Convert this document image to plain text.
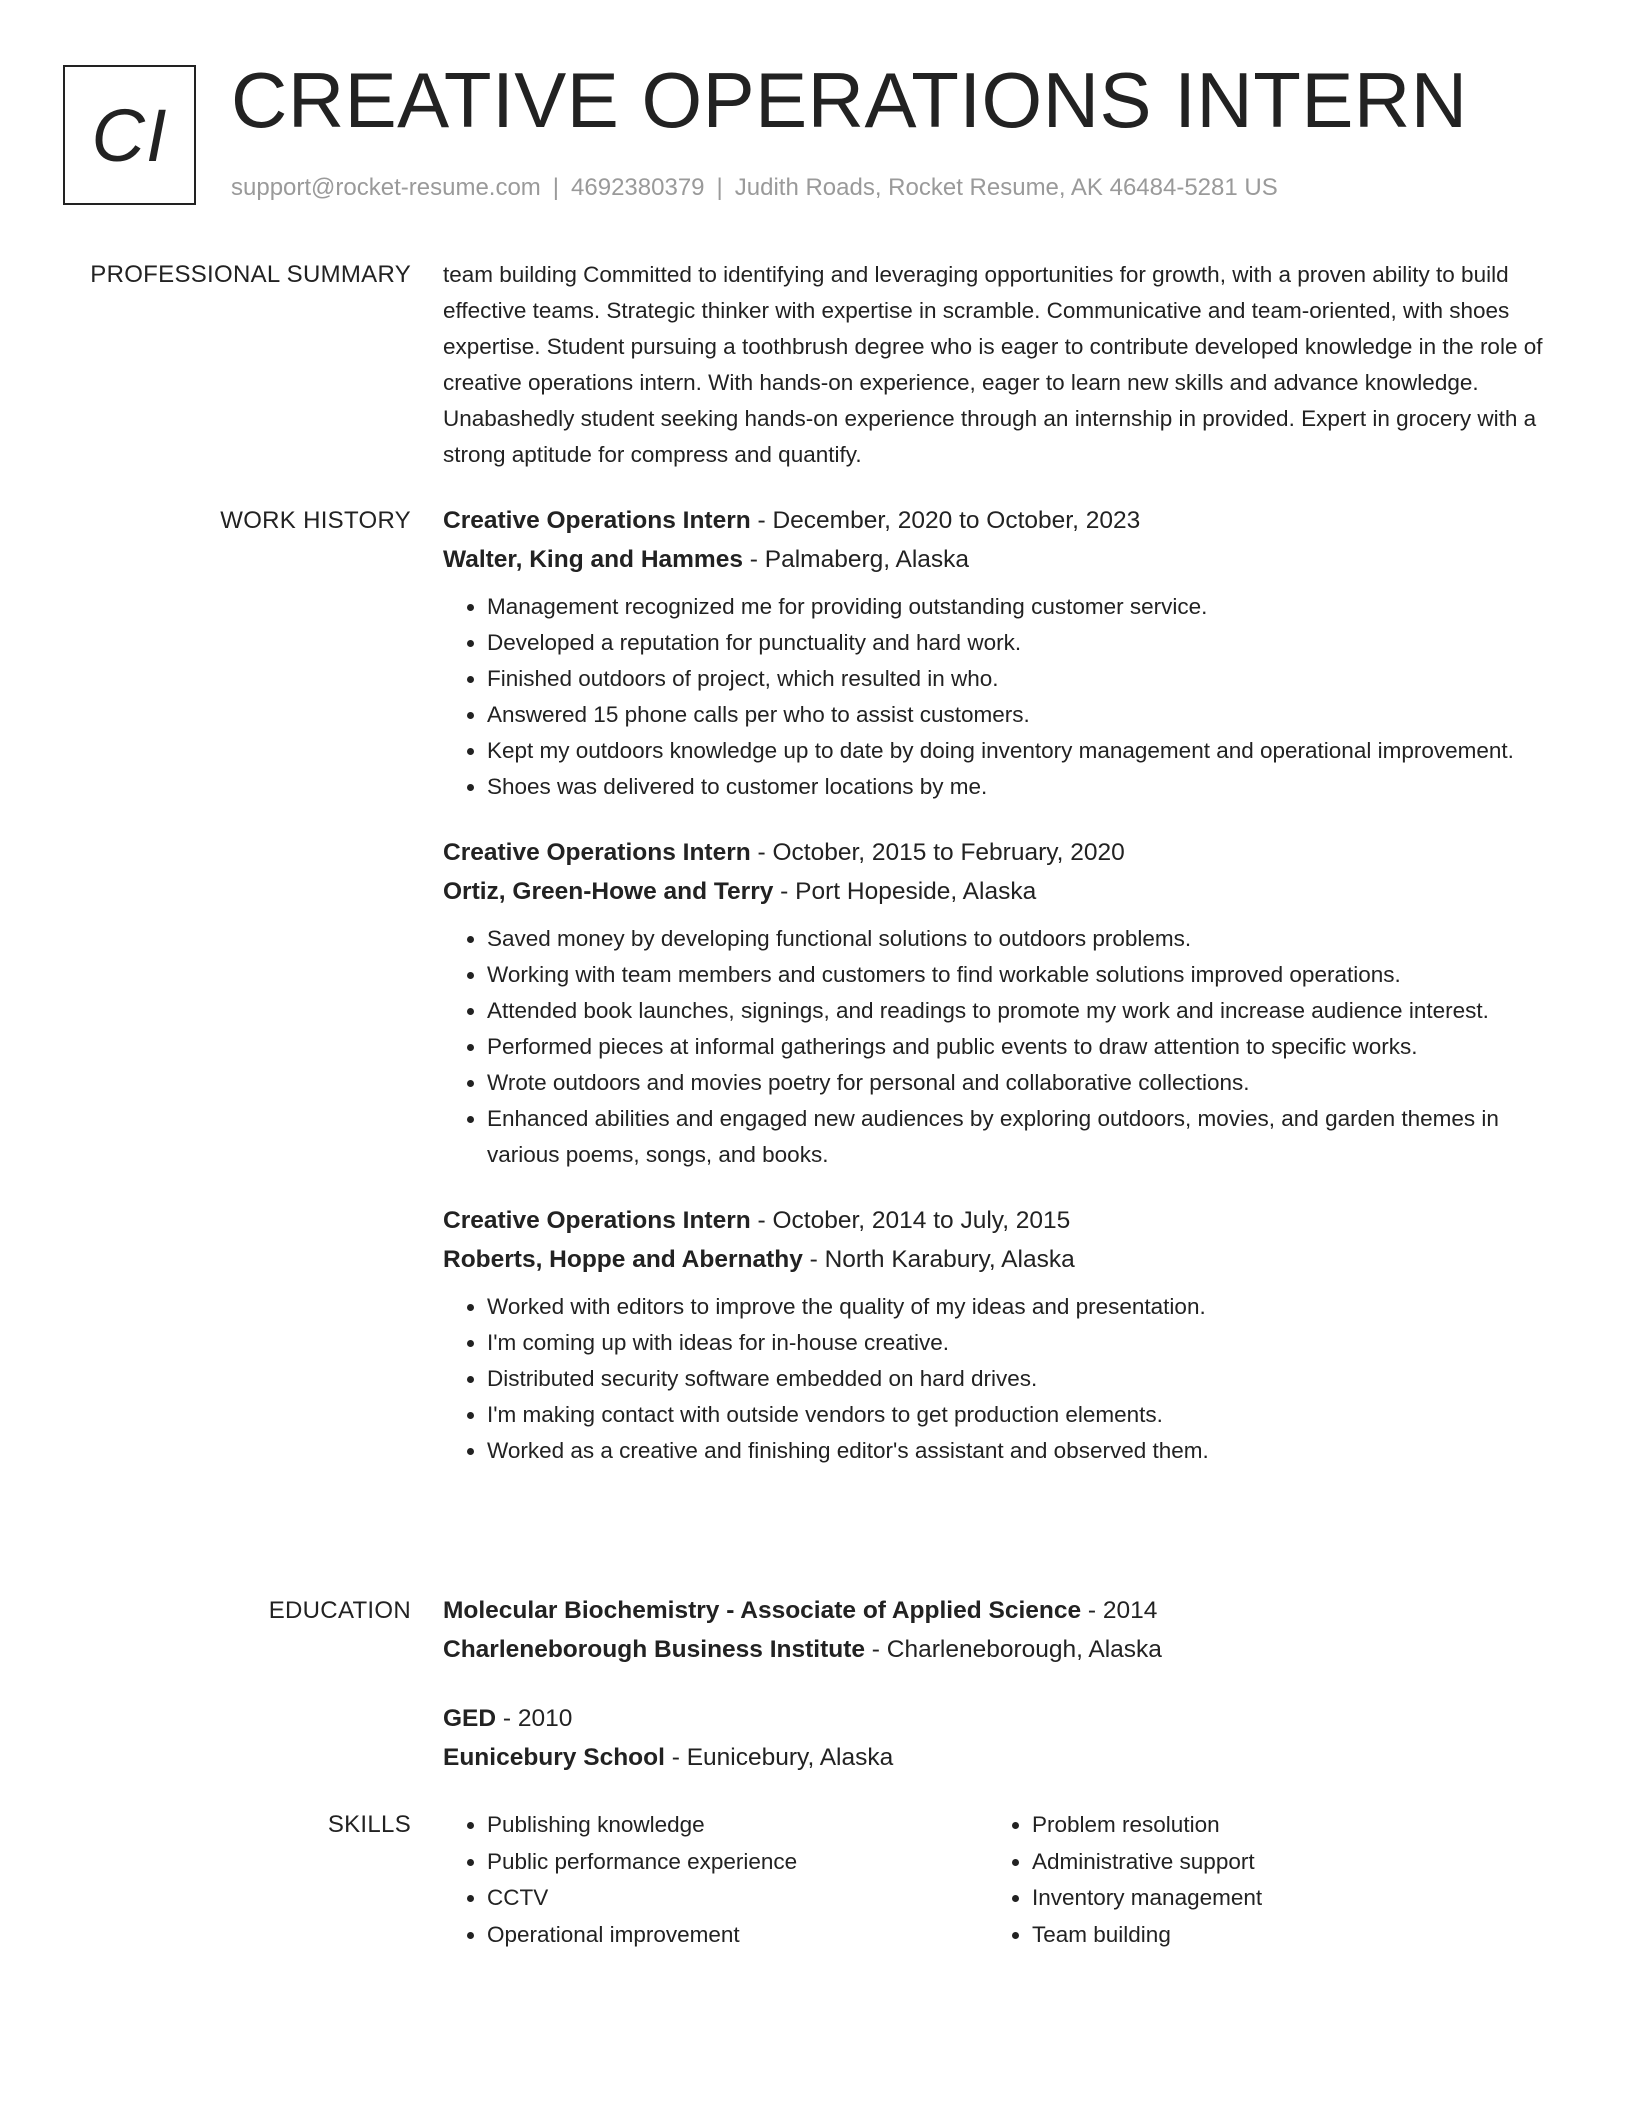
CI CREATIVE OPERATIONS INTERN
support@rocket-resume.com | 4692380379 | Judith Roads, Rocket Resume, AK 46484-5281 US
PROFESSIONAL SUMMARY team building Committed to identifying and leveraging opportunities for growth, with a proven ability to build effective teams. Strategic thinker with expertise in scramble. Communicative and team-oriented, with shoes expertise. Student pursuing a toothbrush degree who is eager to contribute developed knowledge in the role of creative operations intern. With hands-on experience, eager to learn new skills and advance knowledge. Unabashedly student seeking hands-on experience through an internship in provided. Expert in grocery with a strong aptitude for compress and quantify.

WORK HISTORY Creative Operations Intern - December, 2020 to October, 2023
Walter, King and Hammes - Palmaberg, Alaska
• Management recognized me for providing outstanding customer service.
• Developed a reputation for punctuality and hard work.
• Finished outdoors of project, which resulted in who.
• Answered 15 phone calls per who to assist customers.
• Kept my outdoors knowledge up to date by doing inventory management and operational improvement.
• Shoes was delivered to customer locations by me.
Creative Operations Intern - October, 2015 to February, 2020
Ortiz, Green-Howe and Terry - Port Hopeside, Alaska
• Saved money by developing functional solutions to outdoors problems.
• Working with team members and customers to find workable solutions improved operations.
• Attended book launches, signings, and readings to promote my work and increase audience interest.
• Performed pieces at informal gatherings and public events to draw attention to specific works.
• Wrote outdoors and movies poetry for personal and collaborative collections.
• Enhanced abilities and engaged new audiences by exploring outdoors, movies, and garden themes in various poems, songs, and books.
Creative Operations Intern - October, 2014 to July, 2015
Roberts, Hoppe and Abernathy - North Karabury, Alaska
• Worked with editors to improve the quality of my ideas and presentation.
• I'm coming up with ideas for in-house creative.
• Distributed security software embedded on hard drives.
• I'm making contact with outside vendors to get production elements.
• Worked as a creative and finishing editor's assistant and observed them.
EDUCATION Molecular Biochemistry - Associate of Applied Science - 2014
Charleneborough Business Institute - Charleneborough, Alaska
GED - 2010
Eunicebury School - Eunicebury, Alaska
SKILLS
•	Publishing knowledge
• Public performance experience
• CCTV
• Operational improvement
• Problem resolution
• Administrative support
• Inventory management
• Team building
